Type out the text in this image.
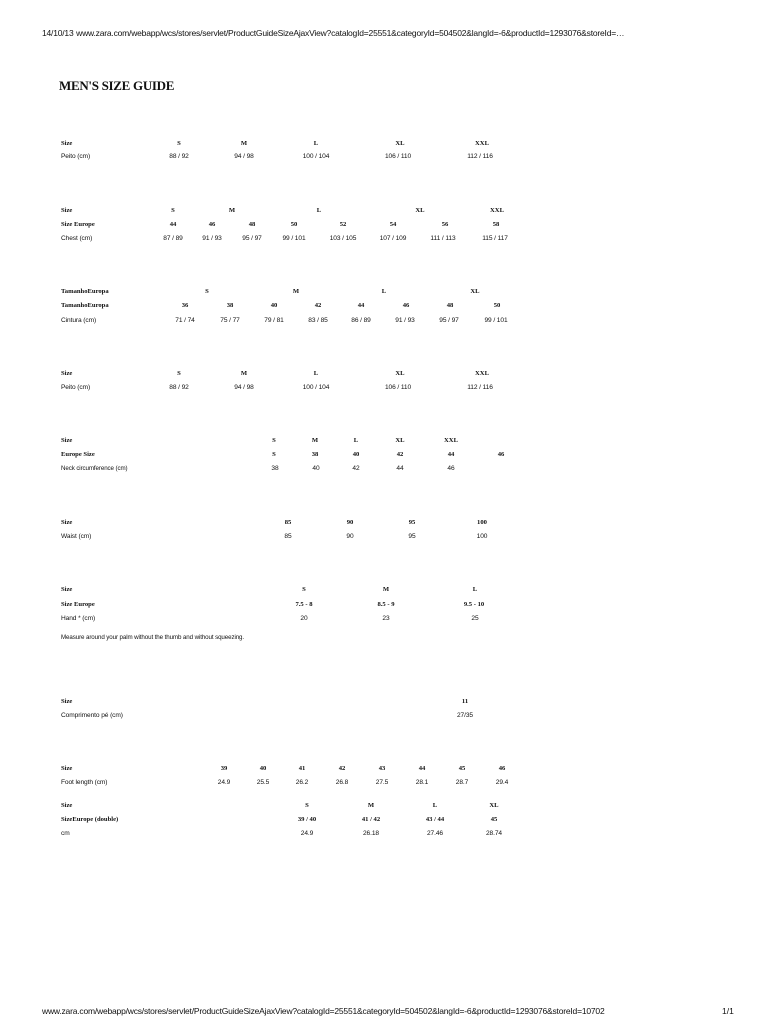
14/10/13 www.zara.com/webapp/wcs/stores/servlet/ProductGuideSizeAjaxView?catalogId=25551&categoryId=504502&langId=-6&productId=1293076&storeId=…
MEN'S SIZE GUIDE
Size	S	M	L	XL	XXL
Peito (cm)	88 / 92	94 / 98	100 / 104	106 / 110	112 / 116
Size	S	M	L	XL	XXL
Size Europe	44	46	48	50	52	54	56	58
Chest (cm)	87 / 89	91 / 93	95 / 97	99 / 101	103 / 105	107 / 109	111 / 113	115 / 117
TamanhoEuropa	S	M	L	XL
TamanhoEuropa	36	38	40	42	44	46	48	50
Cintura (cm)	71 / 74	75 / 77	79 / 81	83 / 85	86 / 89	91 / 93	95 / 97	99 / 101
Size	S	M	L	XL	XXL
Peito (cm)	88 / 92	94 / 98	100 / 104	106 / 110	112 / 116
Size	S	M	L	XL	XXL
Europe Size	S	38	40	42	44	46
Neck circumference (cm)	38	40	42	44	46
Size	85	90	95	100
Waist (cm)	85	90	95	100
Size	S	M	L
Size Europe	7.5 - 8	8.5 - 9	9.5 - 10
Hand * (cm)	20	23	25
Measure around your palm without the thumb and without squeezing.
Size	11
Comprimento pé (cm)	27/35
Size	39	40	41	42	43	44	45	46
Foot length (cm)	24.9	25.5	26.2	26.8	27.5	28.1	28.7	29.4
Size	S	M	L	XL
SizeEurope (double)	39 / 40	41 / 42	43 / 44	45
cm	24.9	26.18	27.46	28.74
www.zara.com/webapp/wcs/stores/servlet/ProductGuideSizeAjaxView?catalogId=25551&categoryId=504502&langId=-6&productId=1293076&storeId=10702	1/1
